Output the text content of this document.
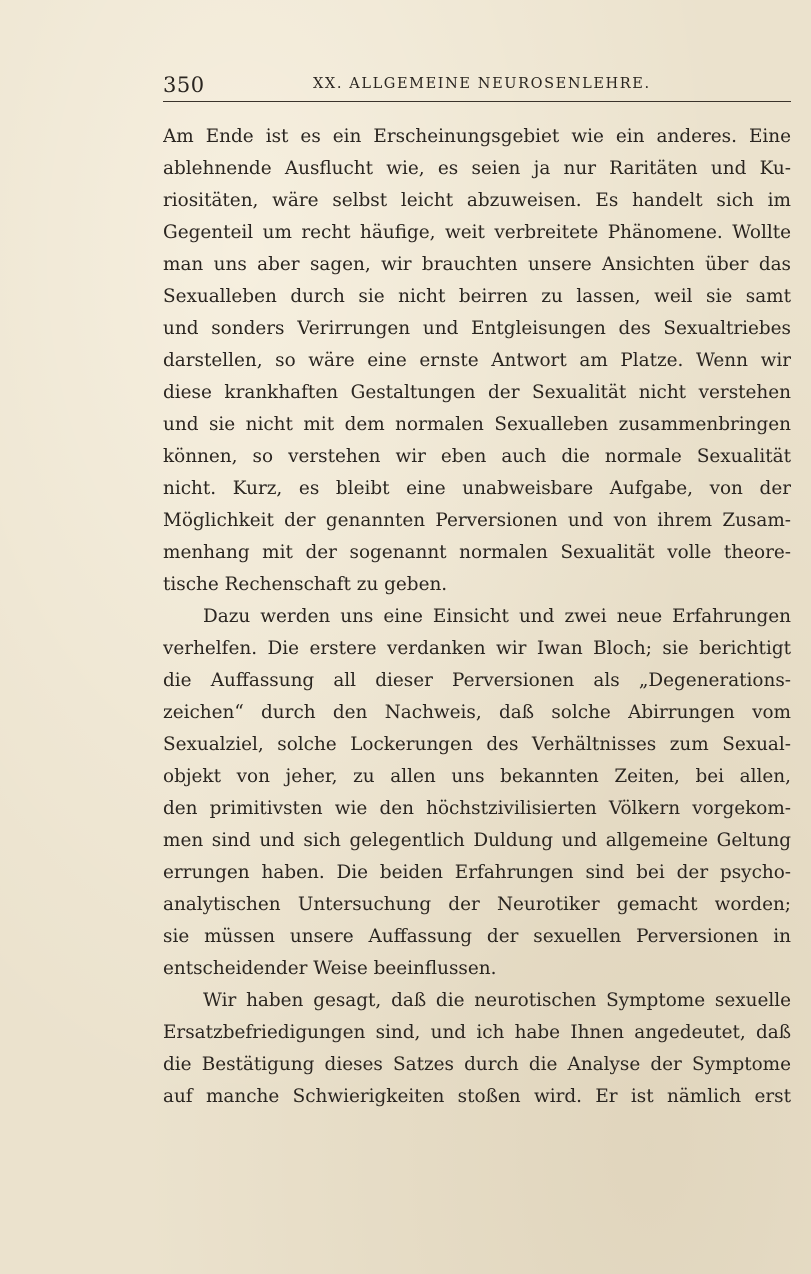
350	XX. ALLGEMEINE NEUROSENLEHRE.
Am Ende ist es ein Erscheinungsgebiet wie ein anderes. Eine
ablehnende Ausflucht wie, es seien ja nur Raritäten und Ku-
riositäten, wäre selbst leicht abzuweisen. Es handelt sich im
Gegenteil um recht häufige, weit verbreitete Phänomene. Wollte
man uns aber sagen, wir brauchten unsere Ansichten über das
Sexualleben durch sie nicht beirren zu lassen, weil sie samt
und sonders Verirrungen und Entgleisungen des Sexualtriebes
darstellen, so wäre eine ernste Antwort am Platze. Wenn wir
diese krankhaften Gestaltungen der Sexualität nicht verstehen
und sie nicht mit dem normalen Sexualleben zusammenbringen
können, so verstehen wir eben auch die normale Sexualität
nicht. Kurz, es bleibt eine unabweisbare Aufgabe, von der
Möglichkeit der genannten Perversionen und von ihrem Zusam-
menhang mit der sogenannt normalen Sexualität volle theore-
tische Rechenschaft zu geben.
Dazu werden uns eine Einsicht und zwei neue Erfahrungen
verhelfen. Die erstere verdanken wir Iwan Bloch; sie berichtigt
die Auffassung all dieser Perversionen als „Degenerations-
zeichen“ durch den Nachweis, daß solche Abirrungen vom
Sexualziel, solche Lockerungen des Verhältnisses zum Sexual-
objekt von jeher, zu allen uns bekannten Zeiten, bei allen,
den primitivsten wie den höchstzivilisierten Völkern vorgekom-
men sind und sich gelegentlich Duldung und allgemeine Geltung
errungen haben. Die beiden Erfahrungen sind bei der psycho-
analytischen Untersuchung der Neurotiker gemacht worden;
sie müssen unsere Auffassung der sexuellen Perversionen in
entscheidender Weise beeinflussen.
Wir haben gesagt, daß die neurotischen Symptome sexuelle
Ersatzbefriedigungen sind, und ich habe Ihnen angedeutet, daß
die Bestätigung dieses Satzes durch die Analyse der Symptome
auf manche Schwierigkeiten stoßen wird. Er ist nämlich erst
